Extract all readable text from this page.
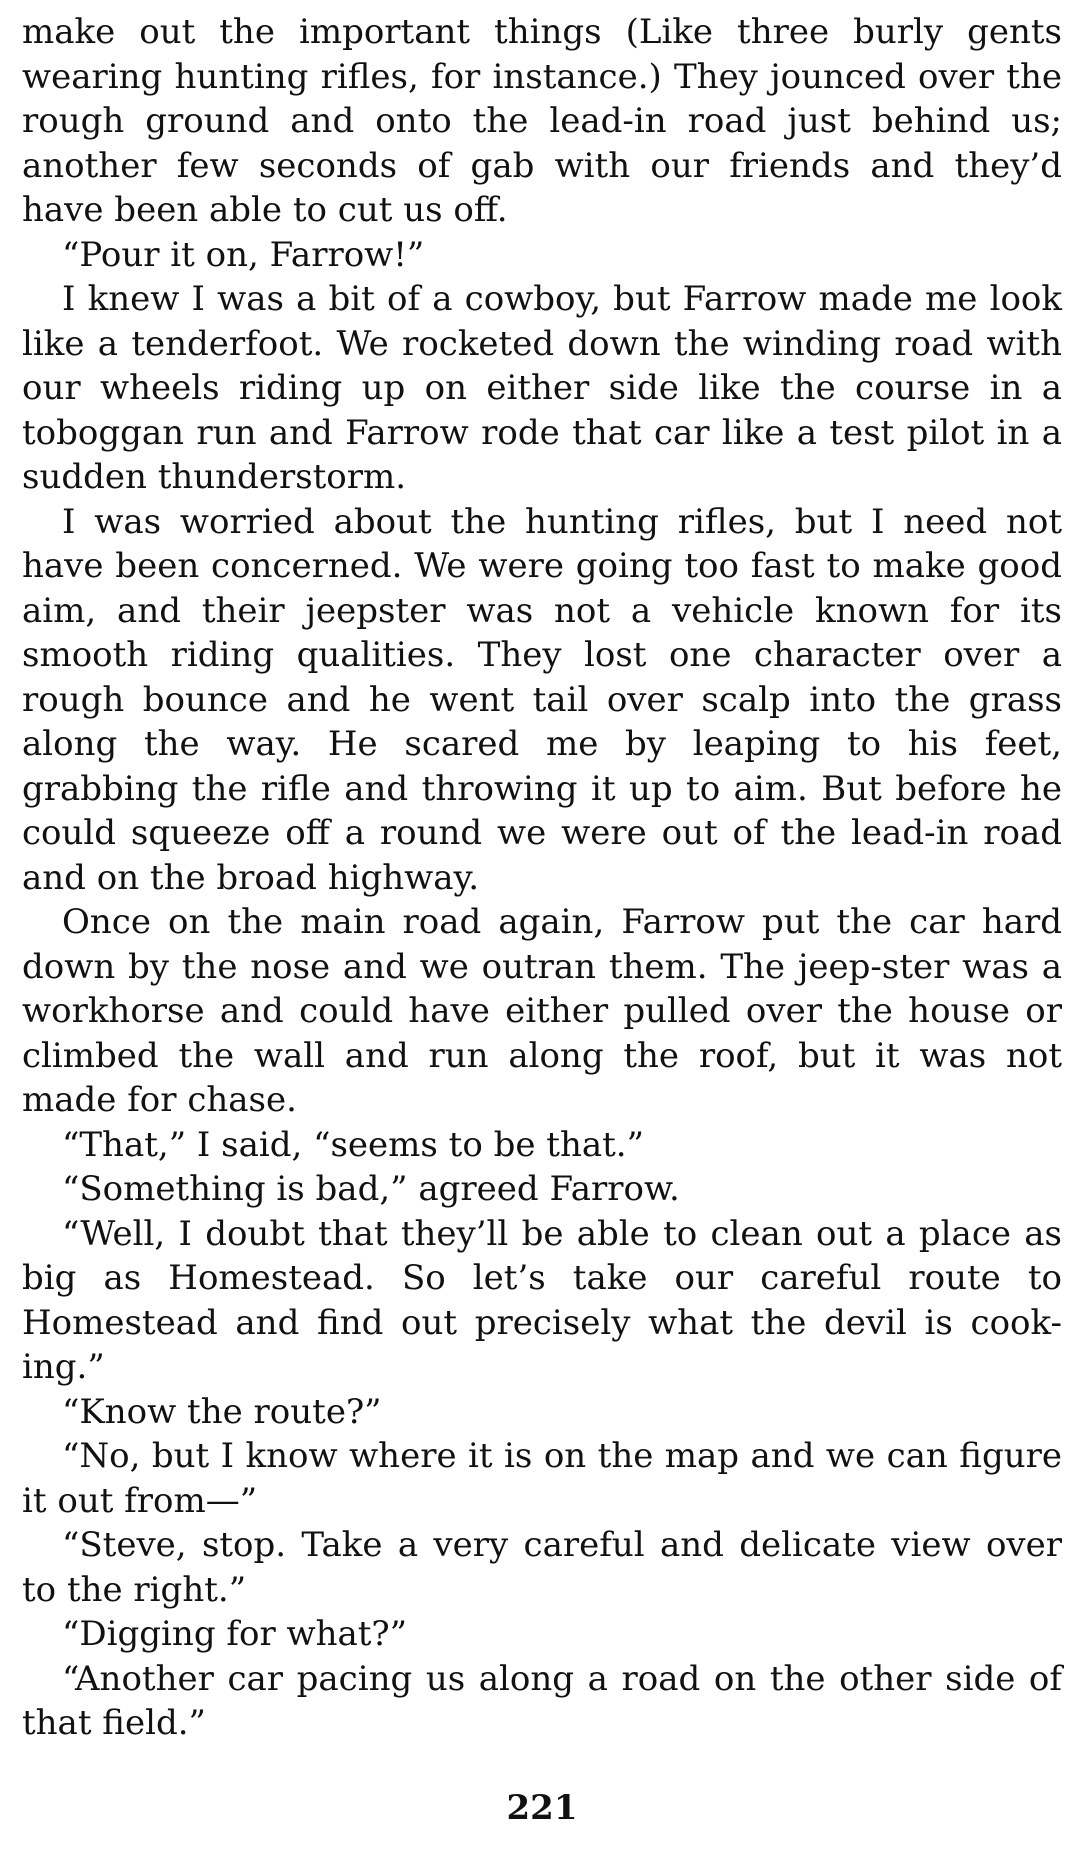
make out the important things (Like three burly gents wearing hunting rifles, for instance.) They jounced over the rough ground and onto the lead-in road just behind us; another few seconds of gab with our friends and they’d have been able to cut us off.

“Pour it on, Farrow!”

I knew I was a bit of a cowboy, but Farrow made me look like a tenderfoot. We rocketed down the winding road with our wheels riding up on either side like the course in a toboggan run and Farrow rode that car like a test pilot in a sudden thunderstorm.

I was worried about the hunting rifles, but I need not have been concerned. We were going too fast to make good aim, and their jeepster was not a vehicle known for its smooth riding qualities. They lost one character over a rough bounce and he went tail over scalp into the grass along the way. He scared me by leaping to his feet, grabbing the rifle and throwing it up to aim. But before he could squeeze off a round we were out of the lead-in road and on the broad highway.

Once on the main road again, Farrow put the car hard down by the nose and we outran them. The jeep-ster was a workhorse and could have either pulled over the house or climbed the wall and run along the roof, but it was not made for chase.

“That,” I said, “seems to be that.”

“Something is bad,” agreed Farrow.

“Well, I doubt that they’ll be able to clean out a place as big as Homestead. So let’s take our careful route to Homestead and find out precisely what the devil is cook-ing.”

“Know the route?”

“No, but I know where it is on the map and we can figure it out from—”

“Steve, stop. Take a very careful and delicate view over to the right.”

“Digging for what?”

“Another car pacing us along a road on the other side of that field.”

221
